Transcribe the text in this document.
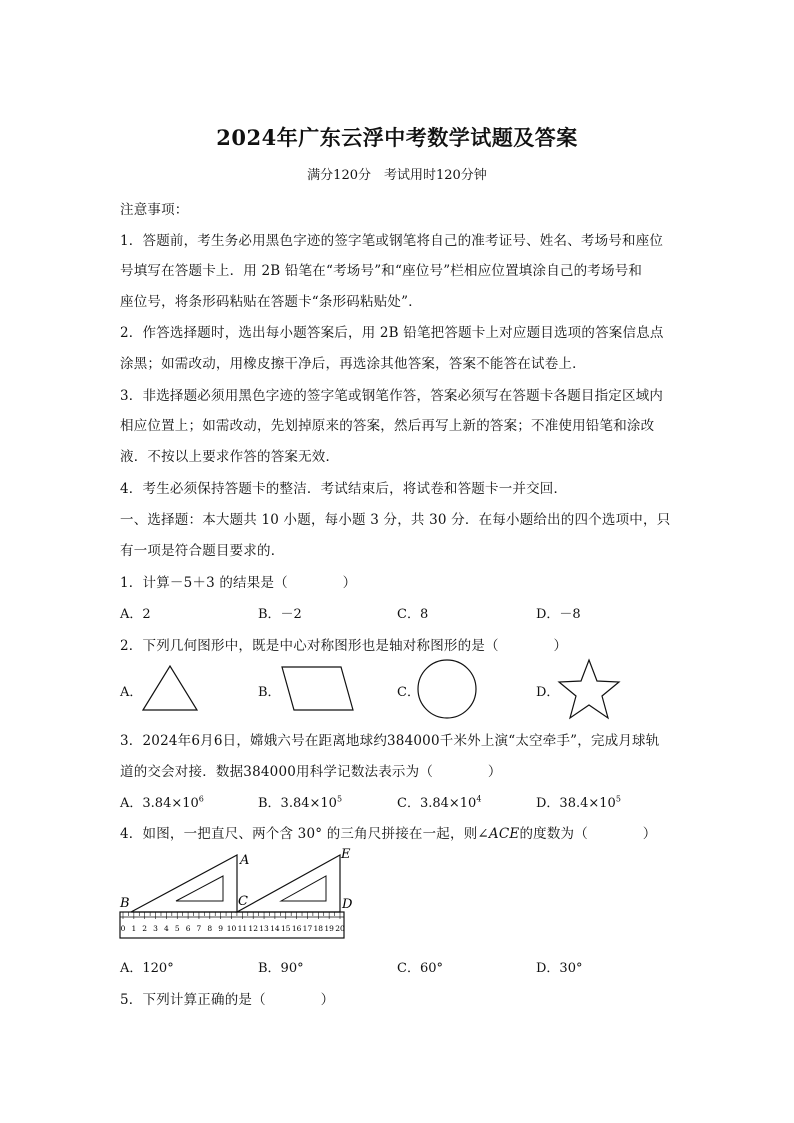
2024年广东云浮中考数学试题及答案
满分120分　考试用时120分钟
注意事项：
1．答题前，考生务必用黑色字迹的签字笔或钢笔将自己的准考证号、姓名、考场号和座位
号填写在答题卡上．用 2B 铅笔在“考场号”和“座位号”栏相应位置填涂自己的考场号和
座位号，将条形码粘贴在答题卡“条形码粘贴处”．
2．作答选择题时，选出每小题答案后，用 2B 铅笔把答题卡上对应题目选项的答案信息点
涂黑；如需改动，用橡皮擦干净后，再选涂其他答案，答案不能答在试卷上．
3．非选择题必须用黑色字迹的签字笔或钢笔作答，答案必须写在答题卡各题目指定区域内
相应位置上；如需改动，先划掉原来的答案，然后再写上新的答案；不准使用铅笔和涂改
液．不按以上要求作答的答案无效．
4．考生必须保持答题卡的整洁．考试结束后，将试卷和答题卡一并交回．
一、选择题：本大题共 10 小题，每小题 3 分，共 30 分．在每小题给出的四个选项中，只
有一项是符合题目要求的．
1．计算－5＋3 的结果是（　　　　）
A．2	B．－2	C．8	D．－8
2．下列几何图形中，既是中心对称图形也是轴对称图形的是（　　　　）
A．	B．	C．	D．
3．2024年6月6日，嫦娥六号在距离地球约384000千米外上演“太空牵手”，完成月球轨
道的交会对接．数据384000用科学记数法表示为（　　　　）
A．$3.84\times 10^6$	B．$3.84\times 10^5$	C．$3.84\times 10^4$	D．$38.4\times 10^5$
4．如图，一把直尺、两个含 30° 的三角尺拼接在一起，则∠ACE的度数为（　　　　）
0 1 2 3 4 5 6 7 8 9 10 11 12 13 14 15 16 17 18 19 20
A
B	C	D
E
A．120°	B．90°	C．60°	D．30°
5．下列计算正确的是（　　　　）
